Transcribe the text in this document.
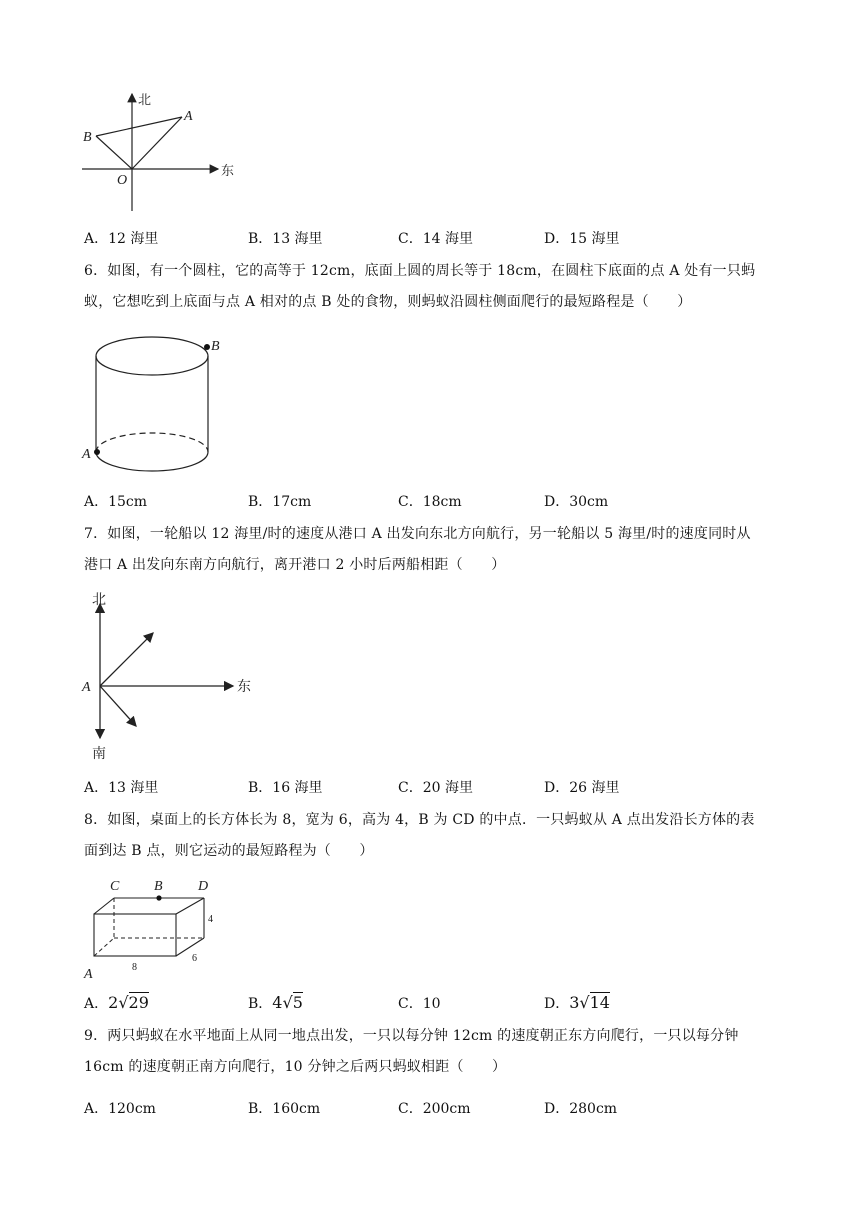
北
东
A
B
O
A．12 海里	B．13 海里	C．14 海里	D．15 海里
6．如图，有一个圆柱，它的高等于 12cm，底面上圆的周长等于 18cm，在圆柱下底面的点 A 处有一只蚂
蚁，它想吃到上底面与点 A 相对的点 B 处的食物，则蚂蚁沿圆柱侧面爬行的最短路程是（　　）
B
A
A．15cm	B．17cm	C．18cm	D．30cm
7．如图，一轮船以 12 海里/时的速度从港口 A 出发向东北方向航行，另一轮船以 5 海里/时的速度同时从
港口 A 出发向东南方向航行，离开港口 2 小时后两船相距（　　）
北
东
南
A
A．13 海里	B．16 海里	C．20 海里	D．26 海里
8．如图，桌面上的长方体长为 8，宽为 6，高为 4，B 为 CD 的中点．一只蚂蚁从 A 点出发沿长方体的表
面到达 B 点，则它运动的最短路程为（　　）
C B	D
A	8
6
4
A．2√29	B．4√5	C．10	D．3√14
9．两只蚂蚁在水平地面上从同一地点出发，一只以每分钟 12cm 的速度朝正东方向爬行，一只以每分钟
16cm 的速度朝正南方向爬行，10 分钟之后两只蚂蚁相距（　　）
A．120cm	B．160cm	C．200cm	D．280cm
